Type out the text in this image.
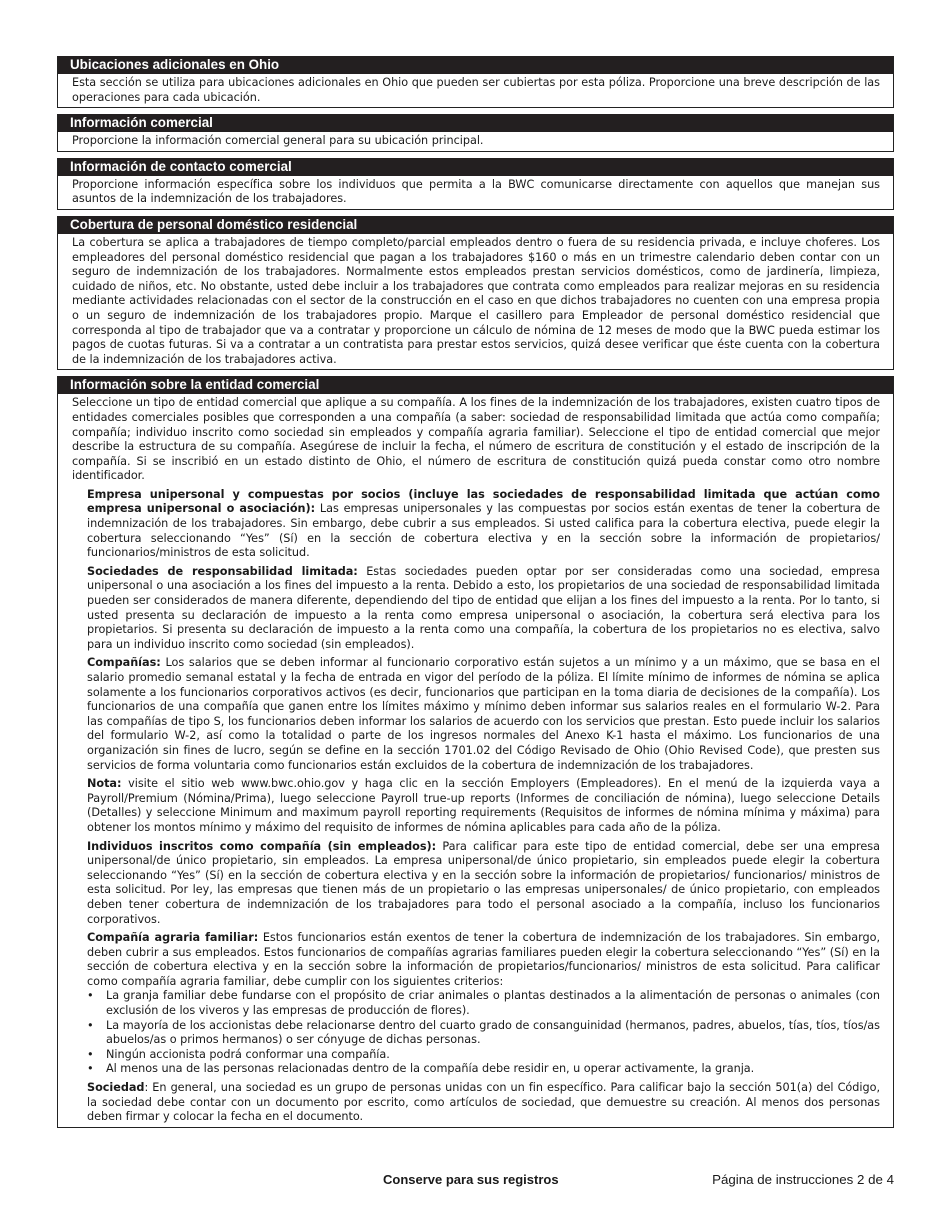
Ubicaciones adicionales en Ohio

Esta sección se utiliza para ubicaciones adicionales en Ohio que pueden ser cubiertas por esta póliza. Proporcione una breve descripción de las operaciones para cada ubicación.

Información comercial

Proporcione la información comercial general para su ubicación principal.

Información de contacto comercial

Proporcione información específica sobre los individuos que permita a la BWC comunicarse directamente con aquellos que manejan sus asuntos de la indemnización de los trabajadores.

Cobertura de personal doméstico residencial

La cobertura se aplica a trabajadores de tiempo completo/parcial empleados dentro o fuera de su residencia privada, e incluye choferes. Los empleadores del personal doméstico residencial que pagan a los trabajadores $160 o más en un trimestre calendario deben contar con un seguro de indemnización de los trabajadores. Normalmente estos empleados prestan servicios domésticos, como de jardinería, limpieza, cuidado de niños, etc. No obstante, usted debe incluir a los trabajadores que contrata como empleados para realizar mejoras en su residencia mediante actividades relacionadas con el sector de la construcción en el caso en que dichos trabajadores no cuenten con una empresa propia o un seguro de indemnización de los trabajadores propio. Marque el casillero para Empleador de personal doméstico residencial que corresponda al tipo de trabajador que va a contratar y proporcione un cálculo de nómina de 12 meses de modo que la BWC pueda estimar los pagos de cuotas futuras. Si va a contratar a un contratista para prestar estos servicios, quizá desee verificar que éste cuenta con la cobertura de la indemnización de los trabajadores activa.

Información sobre la entidad comercial

Seleccione un tipo de entidad comercial que aplique a su compañía. A los fines de la indemnización de los trabajadores, existen cuatro tipos de entidades comerciales posibles que corresponden a una compañía (a saber: sociedad de responsabilidad limitada que actúa como compañía; compañía; individuo inscrito como sociedad sin empleados y compañía agraria familiar). Seleccione el tipo de entidad comercial que mejor describe la estructura de su compañía. Asegúrese de incluir la fecha, el número de escritura de constitución y el estado de inscripción de la compañía. Si se inscribió en un estado distinto de Ohio, el número de escritura de constitución quizá pueda constar como otro nombre identificador.

Empresa unipersonal y compuestas por socios (incluye las sociedades de responsabilidad limitada que actúan como empresa unipersonal o asociación): Las empresas unipersonales y las compuestas por socios están exentas de tener la cobertura de indemnización de los trabajadores. Sin embargo, debe cubrir a sus empleados. Si usted califica para la cobertura electiva, puede elegir la cobertura seleccionando “Yes” (Sí) en la sección de cobertura electiva y en la sección sobre la información de propietarios/ funcionarios/ministros de esta solicitud.

Sociedades de responsabilidad limitada: Estas sociedades pueden optar por ser consideradas como una sociedad, empresa unipersonal o una asociación a los fines del impuesto a la renta. Debido a esto, los propietarios de una sociedad de responsabilidad limitada pueden ser considerados de manera diferente, dependiendo del tipo de entidad que elijan a los fines del impuesto a la renta. Por lo tanto, si usted presenta su declaración de impuesto a la renta como empresa unipersonal o asociación, la cobertura será electiva para los propietarios. Si presenta su declaración de impuesto a la renta como una compañía, la cobertura de los propietarios no es electiva, salvo para un individuo inscrito como sociedad (sin empleados).

Compañías: Los salarios que se deben informar al funcionario corporativo están sujetos a un mínimo y a un máximo, que se basa en el salario promedio semanal estatal y la fecha de entrada en vigor del período de la póliza. El límite mínimo de informes de nómina se aplica solamente a los funcionarios corporativos activos (es decir, funcionarios que participan en la toma diaria de decisiones de la compañía). Los funcionarios de una compañía que ganen entre los límites máximo y mínimo deben informar sus salarios reales en el formulario W-2. Para las compañías de tipo S, los funcionarios deben informar los salarios de acuerdo con los servicios que prestan. Esto puede incluir los salarios del formulario W-2, así como la totalidad o parte de los ingresos normales del Anexo K-1 hasta el máximo. Los funcionarios de una organización sin fines de lucro, según se define en la sección 1701.02 del Código Revisado de Ohio (Ohio Revised Code), que presten sus servicios de forma voluntaria como funcionarios están excluidos de la cobertura de indemnización de los trabajadores.

Nota: visite el sitio web www.bwc.ohio.gov y haga clic en la sección Employers (Empleadores). En el menú de la izquierda vaya a Payroll/Premium (Nómina/Prima), luego seleccione Payroll true-up reports (Informes de conciliación de nómina), luego seleccione Details (Detalles) y seleccione Minimum and maximum payroll reporting requirements (Requisitos de informes de nómina mínima y máxima) para obtener los montos mínimo y máximo del requisito de informes de nómina aplicables para cada año de la póliza.

Individuos inscritos como compañía (sin empleados): Para calificar para este tipo de entidad comercial, debe ser una empresa unipersonal/de único propietario, sin empleados. La empresa unipersonal/de único propietario, sin empleados puede elegir la cobertura seleccionando “Yes” (Sí) en la sección de cobertura electiva y en la sección sobre la información de propietarios/ funcionarios/ ministros de esta solicitud. Por ley, las empresas que tienen más de un propietario o las empresas unipersonales/ de único propietario, con empleados deben tener cobertura de indemnización de los trabajadores para todo el personal asociado a la compañía, incluso los funcionarios corporativos.

Compañía agraria familiar: Estos funcionarios están exentos de tener la cobertura de indemnización de los trabajadores. Sin embargo, deben cubrir a sus empleados. Estos funcionarios de compañías agrarias familiares pueden elegir la cobertura seleccionando “Yes” (Sí) en la sección de cobertura electiva y en la sección sobre la información de propietarios/funcionarios/ ministros de esta solicitud. Para calificar como compañía agraria familiar, debe cumplir con los siguientes criterios:

• La granja familiar debe fundarse con el propósito de criar animales o plantas destinados a la alimentación de personas o animales (con exclusión de los viveros y las empresas de producción de flores).
• La mayoría de los accionistas debe relacionarse dentro del cuarto grado de consanguinidad (hermanos, padres, abuelos, tías, tíos, tíos/as abuelos/as o primos hermanos) o ser cónyuge de dichas personas.
• Ningún accionista podrá conformar una compañía.
• Al menos una de las personas relacionadas dentro de la compañía debe residir en, u operar activamente, la granja.

Sociedad: En general, una sociedad es un grupo de personas unidas con un fin específico. Para calificar bajo la sección 501(a) del Código, la sociedad debe contar con un documento por escrito, como artículos de sociedad, que demuestre su creación. Al menos dos personas deben firmar y colocar la fecha en el documento.

Conserve para sus registros	Página de instrucciones 2 de 4
